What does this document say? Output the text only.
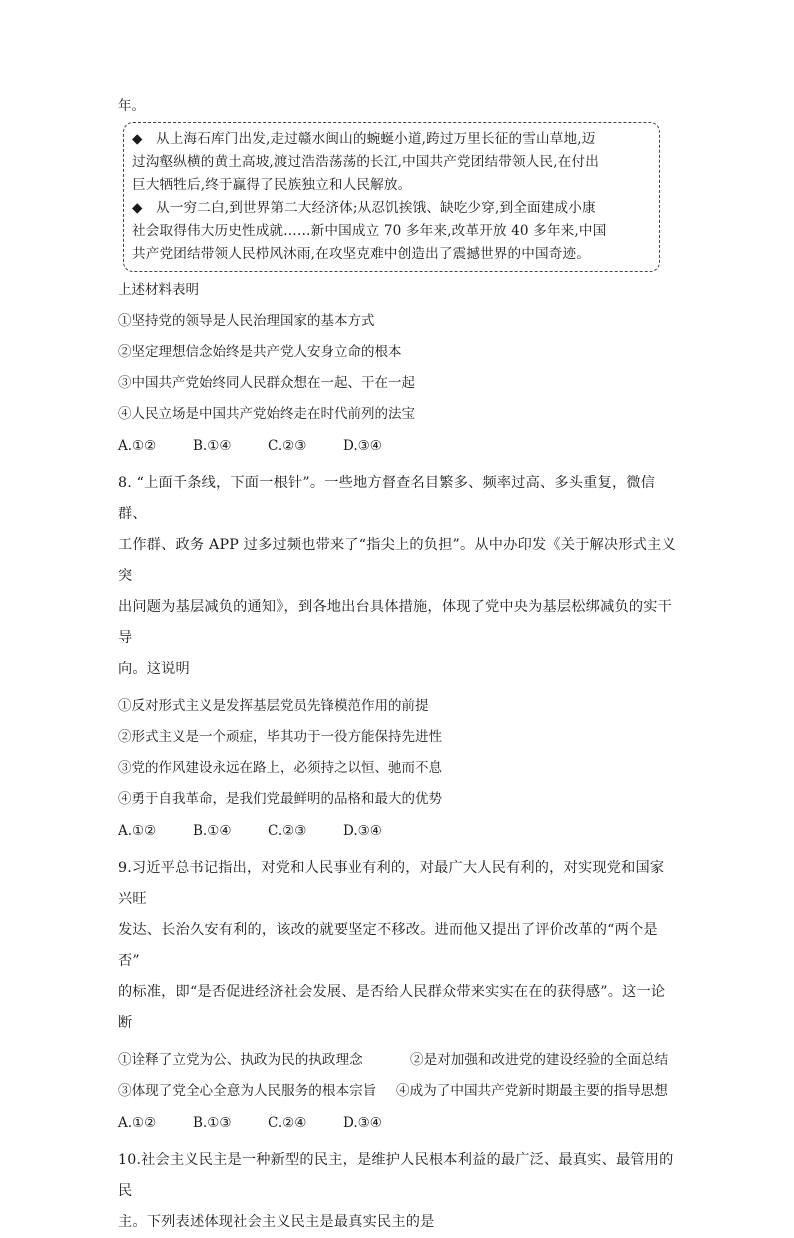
年。
◆ 从上海石库门出发,走过赣水闽山的蜿蜒小道,跨过万里长征的雪山草地,迈
过沟壑纵横的黄土高坡,渡过浩浩荡荡的长江,中国共产党团结带领人民,在付出
巨大牺牲后,终于赢得了民族独立和人民解放。
◆ 从一穷二白,到世界第二大经济体;从忍饥挨饿、缺吃少穿,到全面建成小康
社会取得伟大历史性成就……新中国成立 70 多年来,改革开放 40 多年来,中国
共产党团结带领人民栉风沐雨,在攻坚克难中创造出了震撼世界的中国奇迹。
上述材料表明
①坚持党的领导是人民治理国家的基本方式
②坚定理想信念始终是共产党人安身立命的根本
③中国共产党始终同人民群众想在一起、干在一起
④人民立场是中国共产党始终走在时代前列的法宝
A.①②	B.①④	C.②③	D.③④
8. “上面千条线，下面一根针”。一些地方督查名目繁多、频率过高、多头重复，微信群、
工作群、政务 APP 过多过频也带来了“指尖上的负担”。从中办印发《关于解决形式主义突
出问题为基层减负的通知》，到各地出台具体措施，体现了党中央为基层松绑减负的实干导
向。这说明
①反对形式主义是发挥基层党员先锋模范作用的前提
②形式主义是一个顽症，毕其功于一役方能保持先进性
③党的作风建设永远在路上，必须持之以恒、驰而不息
④勇于自我革命，是我们党最鲜明的品格和最大的优势
A.①②	B.①④	C.②③	D.③④
9.习近平总书记指出，对党和人民事业有利的，对最广大人民有利的，对实现党和国家兴旺
发达、长治久安有利的，该改的就要坚定不移改。进而他又提出了评价改革的“两个是否”
的标准，即“是否促进经济社会发展、是否给人民群众带来实实在在的获得感”。这一论断
①诠释了立党为公、执政为民的执政理念	②是对加强和改进党的建设经验的全面总结
③体现了党全心全意为人民服务的根本宗旨 ④成为了中国共产党新时期最主要的指导思想
A.①②	B.①③	C.②④	D.③④
10.社会主义民主是一种新型的民主，是维护人民根本利益的最广泛、最真实、最管用的民
主。下列表述体现社会主义民主是最真实民主的是
